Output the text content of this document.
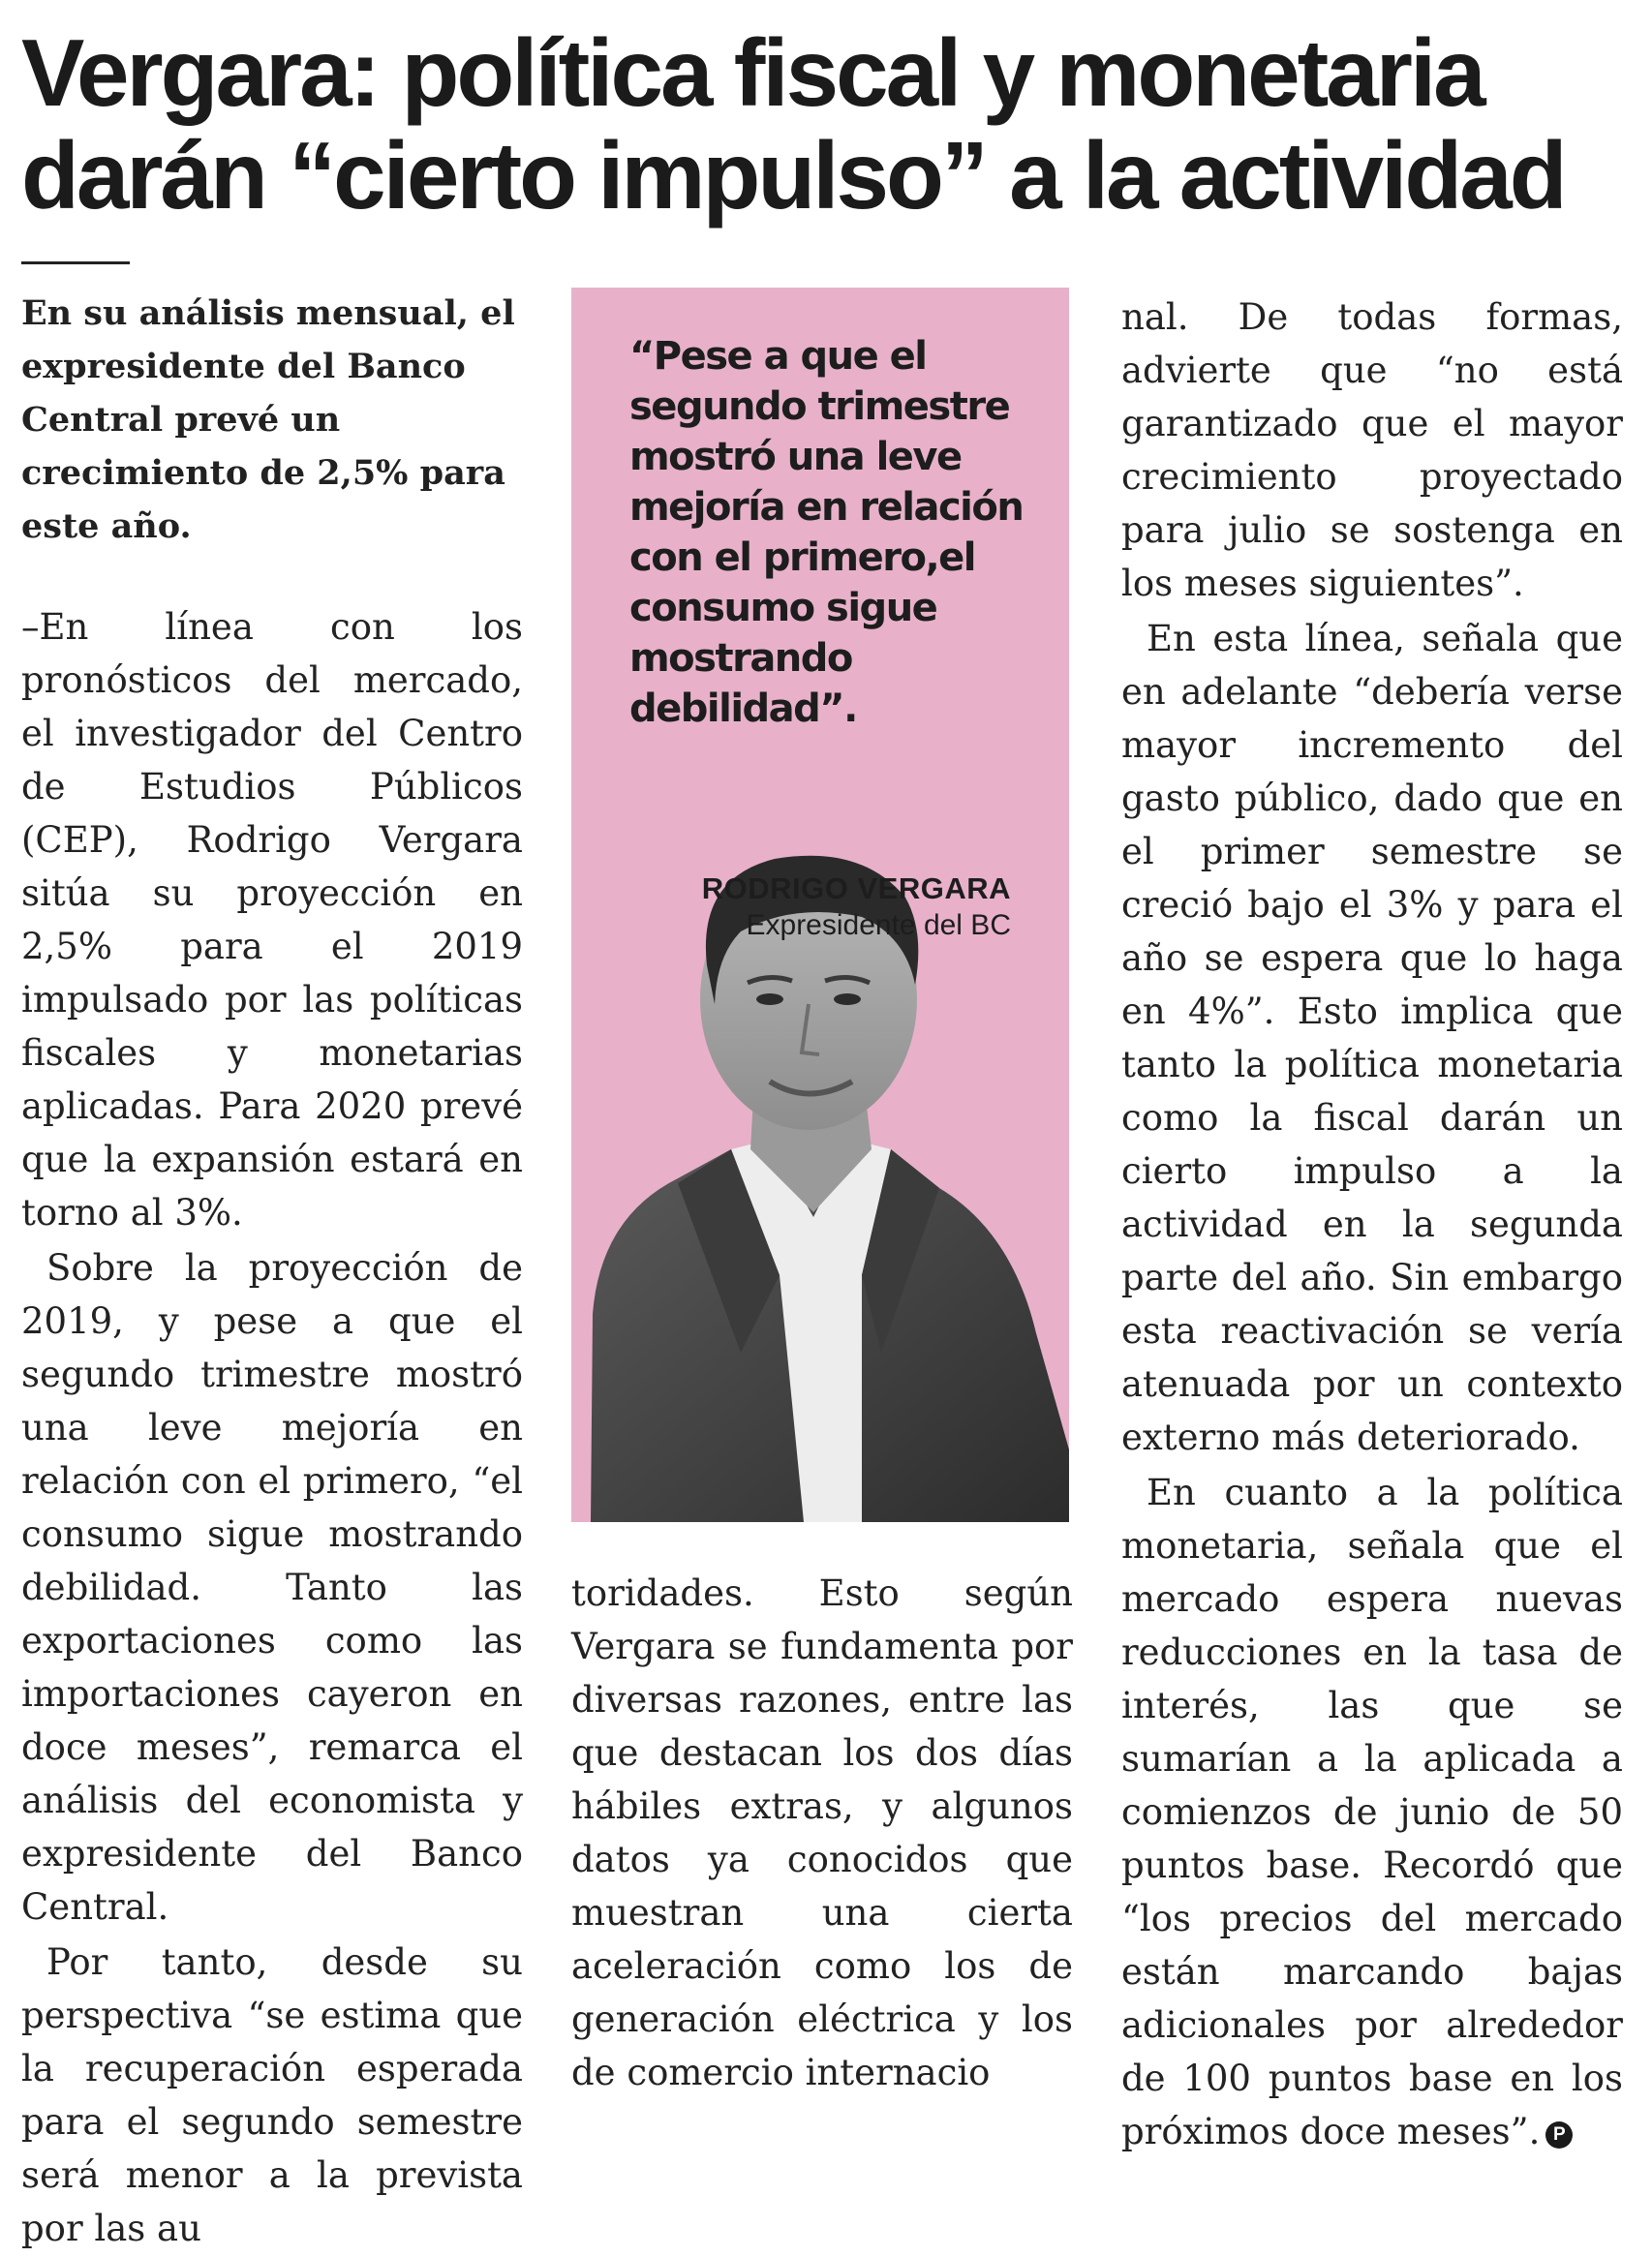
Vergara: política fiscal y monetaria
darán “cierto impulso” a la actividad

En su análisis mensual, el expresidente del Banco Central prevé un crecimiento de 2,5% para este año.

–En línea con los pronósticos del mercado, el investigador del Centro de Estudios Públicos (CEP), Rodrigo Vergara sitúa su proyección en 2,5% para el 2019 impulsado por las políticas fiscales y monetarias aplicadas. Para 2020 prevé que la expansión estará en torno al 3%.

Sobre la proyección de 2019, y pese a que el segundo trimestre mostró una leve mejoría en relación con el primero, “el consumo sigue mostrando debilidad. Tanto las exportaciones como las importaciones cayeron en doce meses”, remarca el análisis del economista y expresidente del Banco Central.

Por tanto, desde su perspectiva “se estima que la recuperación esperada para el segundo semestre será menor a la prevista por las au

“Pese a que el segundo trimestre mostró una leve mejoría en relación con el primero,el consumo sigue mostrando debilidad”.

RODRIGO VERGARA

Expresidente del BC

toridades. Esto según Vergara se fundamenta por diversas razones, entre las que destacan los dos días hábiles extras, y algunos datos ya conocidos que muestran una cierta aceleración como los de generación eléctrica y los de comercio internacio

nal. De todas formas, advierte que “no está garantizado que el mayor crecimiento proyectado para julio se sostenga en los meses siguientes”.

En esta línea, señala que en adelante “debería verse mayor incremento del gasto público, dado que en el primer semestre se creció bajo el 3% y para el año se espera que lo haga en 4%”. Esto implica que tanto la política monetaria como la fiscal darán un cierto impulso a la actividad en la segunda parte del año. Sin embargo esta reactivación se vería atenuada por un contexto externo más deteriorado.

En cuanto a la política monetaria, señala que el mercado espera nuevas reducciones en la tasa de interés, las que se sumarían a la aplicada a comienzos de junio de 50 puntos base. Recordó que “los precios del mercado están marcando bajas adicionales por alrededor de 100 puntos base en los próximos doce meses”. P
